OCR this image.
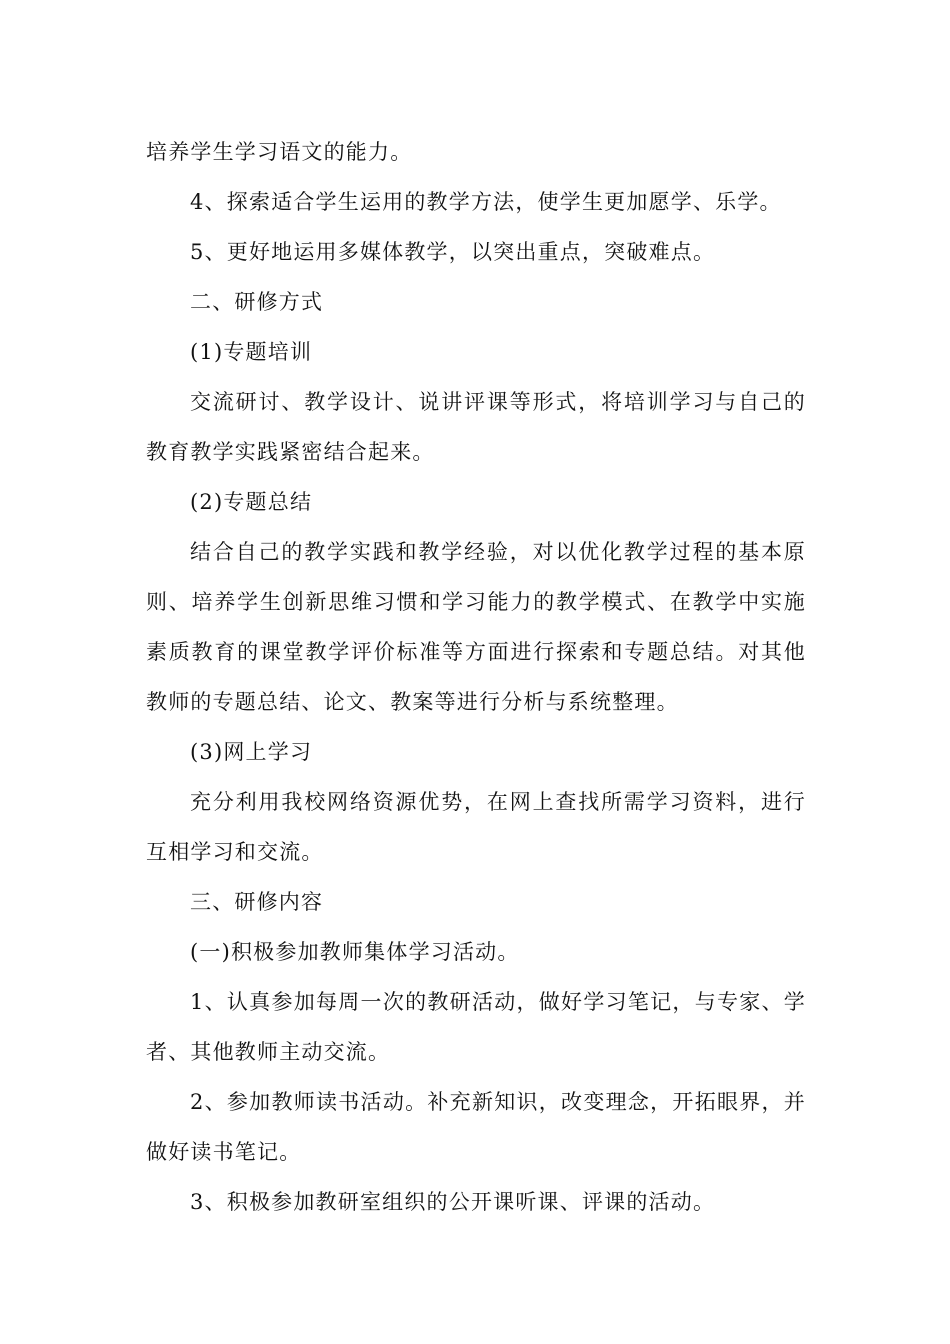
培养学生学习语文的能力。
4、探索适合学生运用的教学方法，使学生更加愿学、乐学。
5、更好地运用多媒体教学，以突出重点，突破难点。
二、研修方式
(1)专题培训
交流研讨、教学设计、说讲评课等形式，将培训学习与自己的
教育教学实践紧密结合起来。
(2)专题总结
结合自己的教学实践和教学经验，对以优化教学过程的基本原
则、培养学生创新思维习惯和学习能力的教学模式、在教学中实施
素质教育的课堂教学评价标准等方面进行探索和专题总结。对其他
教师的专题总结、论文、教案等进行分析与系统整理。
(3)网上学习
充分利用我校网络资源优势，在网上查找所需学习资料，进行
互相学习和交流。
三、研修内容
(一)积极参加教师集体学习活动。
1、认真参加每周一次的教研活动，做好学习笔记，与专家、学
者、其他教师主动交流。
2、参加教师读书活动。补充新知识，改变理念，开拓眼界，并
做好读书笔记。
3、积极参加教研室组织的公开课听课、评课的活动。
